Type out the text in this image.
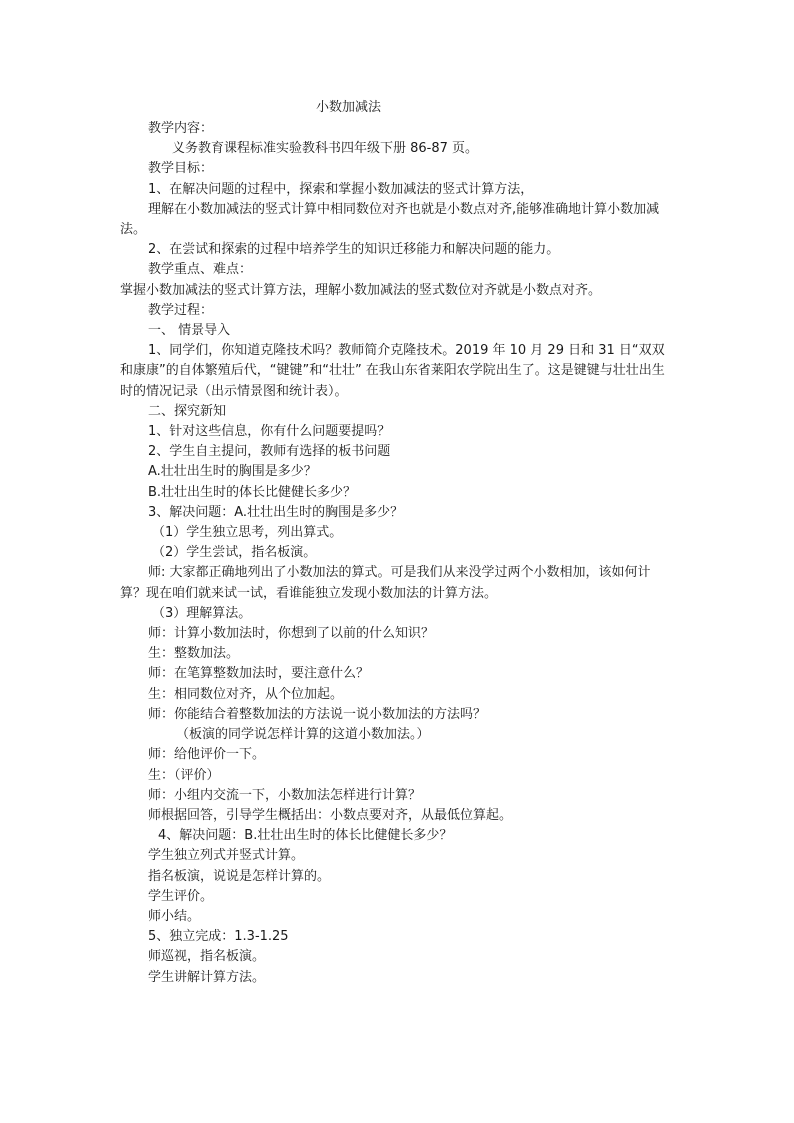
小数加减法
教学内容：
义务教育课程标准实验教科书四年级下册 86-87 页。
教学目标：
1、在解决问题的过程中，探索和掌握小数加减法的竖式计算方法，
理解在小数加减法的竖式计算中相同数位对齐也就是小数点对齐,能够准确地计算小数加减法。
2、在尝试和探索的过程中培养学生的知识迁移能力和解决问题的能力。
教学重点、难点：
掌握小数加减法的竖式计算方法，理解小数加减法的竖式数位对齐就是小数点对齐。
教学过程：
一、 情景导入
1、同学们，你知道克隆技术吗？教师简介克隆技术。2019 年 10 月 29 日和 31 日“双双和康康”的自体繁殖后代，“键键”和“壮壮” 在我山东省莱阳农学院出生了。这是键键与壮壮出生时的情况记录（出示情景图和统计表）。
二、探究新知
1、针对这些信息，你有什么问题要提吗？
2、学生自主提问，教师有选择的板书问题
A.壮壮出生时的胸围是多少？
B.壮壮出生时的体长比健健长多少？
3、解决问题：A.壮壮出生时的胸围是多少？
（1）学生独立思考，列出算式。
（2）学生尝试，指名板演。
师: 大家都正确地列出了小数加法的算式。可是我们从来没学过两个小数相加，该如何计算？现在咱们就来试一试，看谁能独立发现小数加法的计算方法。
（3）理解算法。
师：计算小数加法时，你想到了以前的什么知识？
生：整数加法。
师：在笔算整数加法时，要注意什么？
生：相同数位对齐，从个位加起。
师：你能结合着整数加法的方法说一说小数加法的方法吗？
（板演的同学说怎样计算的这道小数加法。）
师：给他评价一下。
生：（评价）
师：小组内交流一下，小数加法怎样进行计算？
师根据回答，引导学生概括出：小数点要对齐，从最低位算起。
4、解决问题：B.壮壮出生时的体长比健健长多少？
学生独立列式并竖式计算。
指名板演，说说是怎样计算的。
学生评价。
师小结。
5、独立完成：1.3-1.25
师巡视，指名板演。
学生讲解计算方法。
